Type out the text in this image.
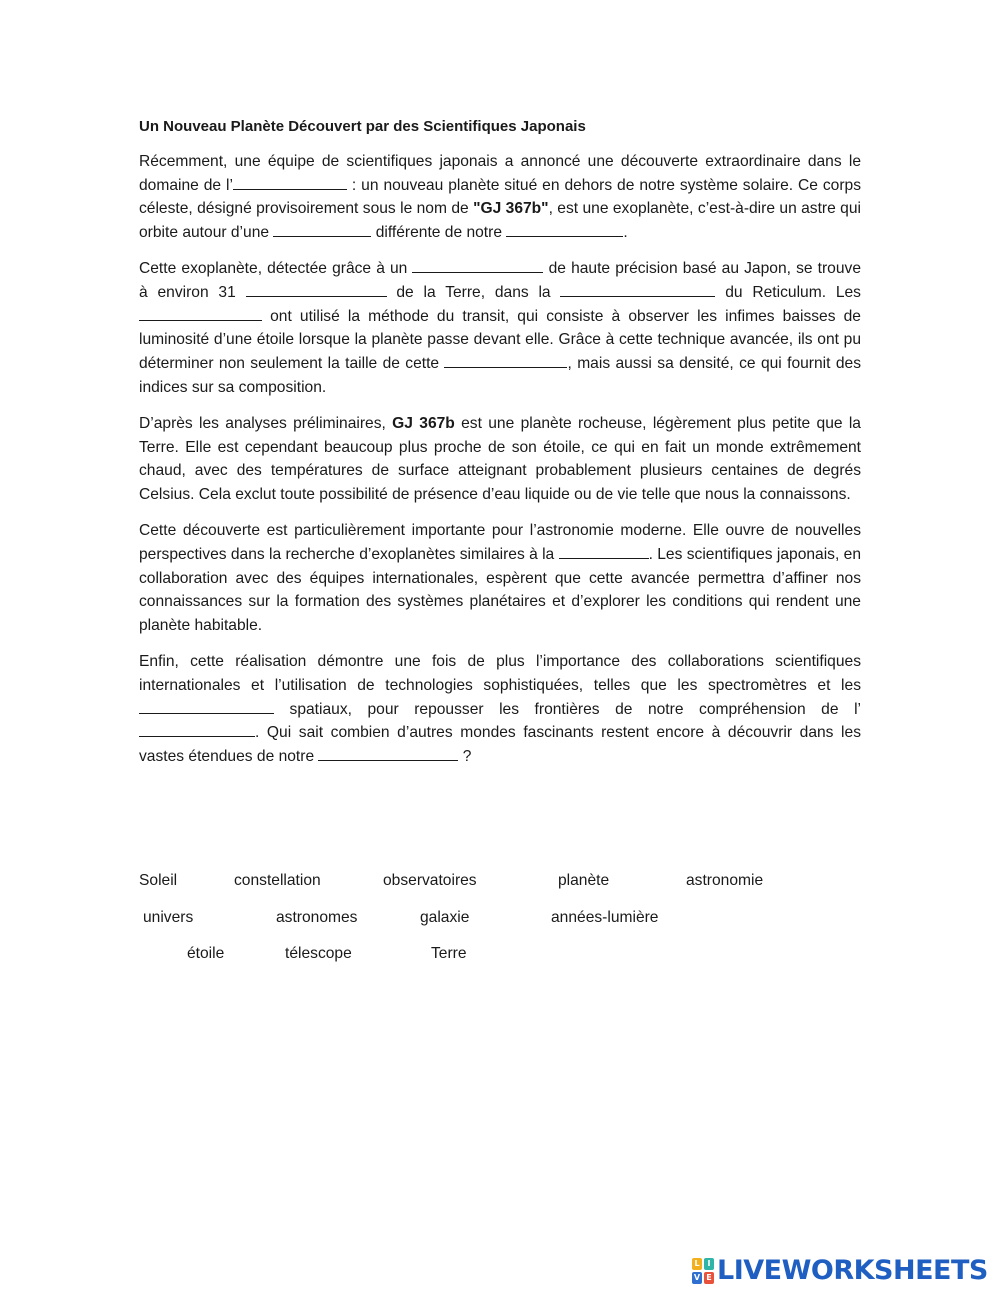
Un Nouveau Planète Découvert par des Scientifiques Japonais

Récemment, une équipe de scientifiques japonais a annoncé une découverte extraordinaire dans le domaine de l’	: un nouveau planète situé en dehors de notre système solaire. Ce corps céleste, désigné provisoirement sous le nom de "GJ 367b", est une exoplanète, c’est-à-dire un astre qui orbite autour d’une	différente de notre	.

Cette exoplanète, détectée grâce à un	de haute précision basé au Japon, se trouve à environ 31	de la Terre, dans la	du Reticulum. Les  ont utilisé la méthode du transit, qui consiste à observer les infimes baisses de luminosité d’une étoile lorsque la planète passe devant elle. Grâce à cette technique avancée, ils ont pu déterminer non seulement la taille de cette	, mais aussi sa densité, ce qui fournit des indices sur sa composition.

D’après les analyses préliminaires, GJ 367b est une planète rocheuse, légèrement plus petite que la Terre. Elle est cependant beaucoup plus proche de son étoile, ce qui en fait un monde extrêmement chaud, avec des températures de surface atteignant probablement plusieurs centaines de degrés Celsius. Cela exclut toute possibilité de présence d’eau liquide ou de vie telle que nous la connaissons.

Cette découverte est particulièrement importante pour l’astronomie moderne. Elle ouvre de nouvelles perspectives dans la recherche d’exoplanètes similaires à la	. Les scientifiques japonais, en collaboration avec des équipes internationales, espèrent que cette avancée permettra d’affiner nos connaissances sur la formation des systèmes planétaires et d’explorer les conditions qui rendent une planète habitable.

Enfin, cette réalisation démontre une fois de plus l’importance des collaborations scientifiques internationales et l’utilisation de technologies sophistiquées, telles que les spectromètres et les  spatiaux, pour repousser les frontières de notre compréhension de l’ . Qui sait combien d’autres mondes fascinants restent encore à découvrir dans les vastes étendues de notre	?

Soleil	constellation	observatoires	planète	astronomie
univers	astronomes	galaxie	années-lumière
étoile	télescope	Terre
L I
V E LIVEWORKSHEETS
